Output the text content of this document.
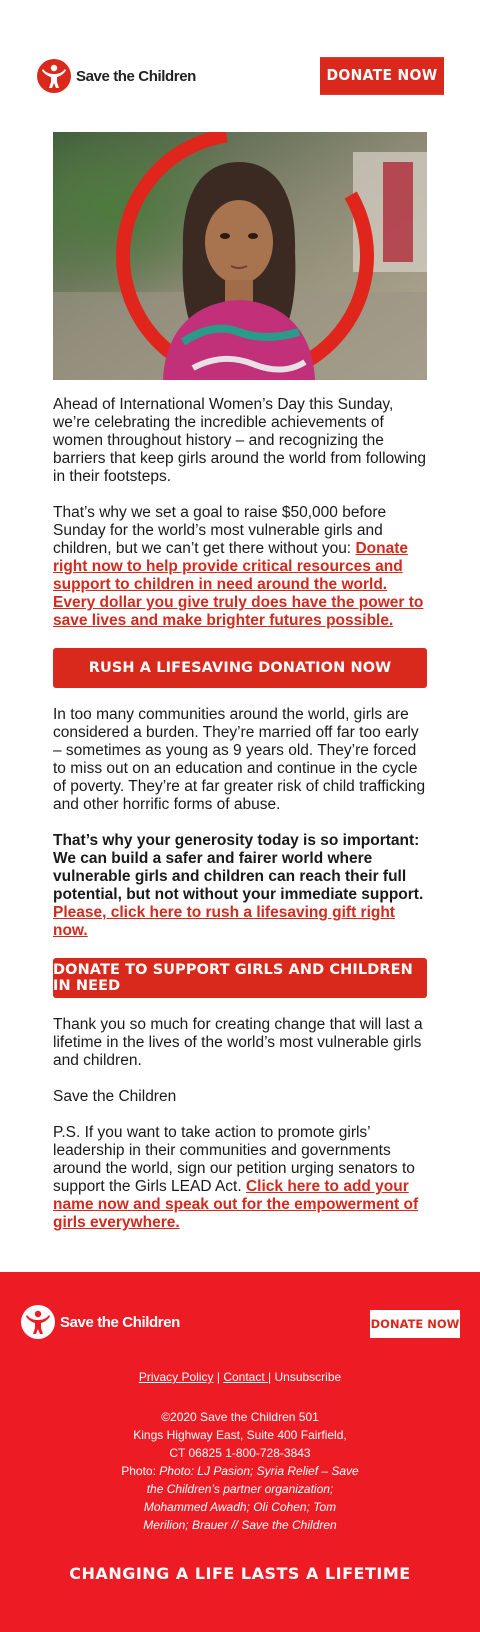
Save the Children	DONATE NOW

Ahead of International Women’s Day this Sunday, we’re celebrating the incredible achievements of women throughout history – and recognizing the barriers that keep girls around the world from following in their footsteps.

That’s why we set a goal to raise $50,000 before Sunday for the world’s most vulnerable girls and children, but we can’t get there without you: Donate right now to help provide critical resources and support to children in need around the world. Every dollar you give truly does have the power to save lives and make brighter futures possible.

RUSH A LIFESAVING DONATION NOW

In too many communities around the world, girls are considered a burden. They’re married off far too early – sometimes as young as 9 years old. They’re forced to miss out on an education and continue in the cycle of poverty. They’re at far greater risk of child trafficking and other horrific forms of abuse.

That’s why your generosity today is so important: We can build a safer and fairer world where vulnerable girls and children can reach their full potential, but not without your immediate support. Please, click here to rush a lifesaving gift right now.

DONATE TO SUPPORT GIRLS AND CHILDREN IN NEED

Thank you so much for creating change that will last a lifetime in the lives of the world’s most vulnerable girls and children.

Save the Children

P.S. If you want to take action to promote girls’ leadership in their communities and governments around the world, sign our petition urging senators to support the Girls LEAD Act. Click here to add your name now and speak out for the empowerment of girls everywhere.

Save the Children	DONATE NOW
Privacy Policy | Contact | Unsubscribe
©2020 Save the Children 501
Kings Highway East, Suite 400 Fairfield,
CT 06825 1-800-728-3843
Photo: Photo: LJ Pasion; Syria Relief – Save the Children’s partner organization; Mohammed Awadh; Oli Cohen; Tom Merilion; Brauer // Save the Children
CHANGING A LIFE LASTS A LIFETIME
